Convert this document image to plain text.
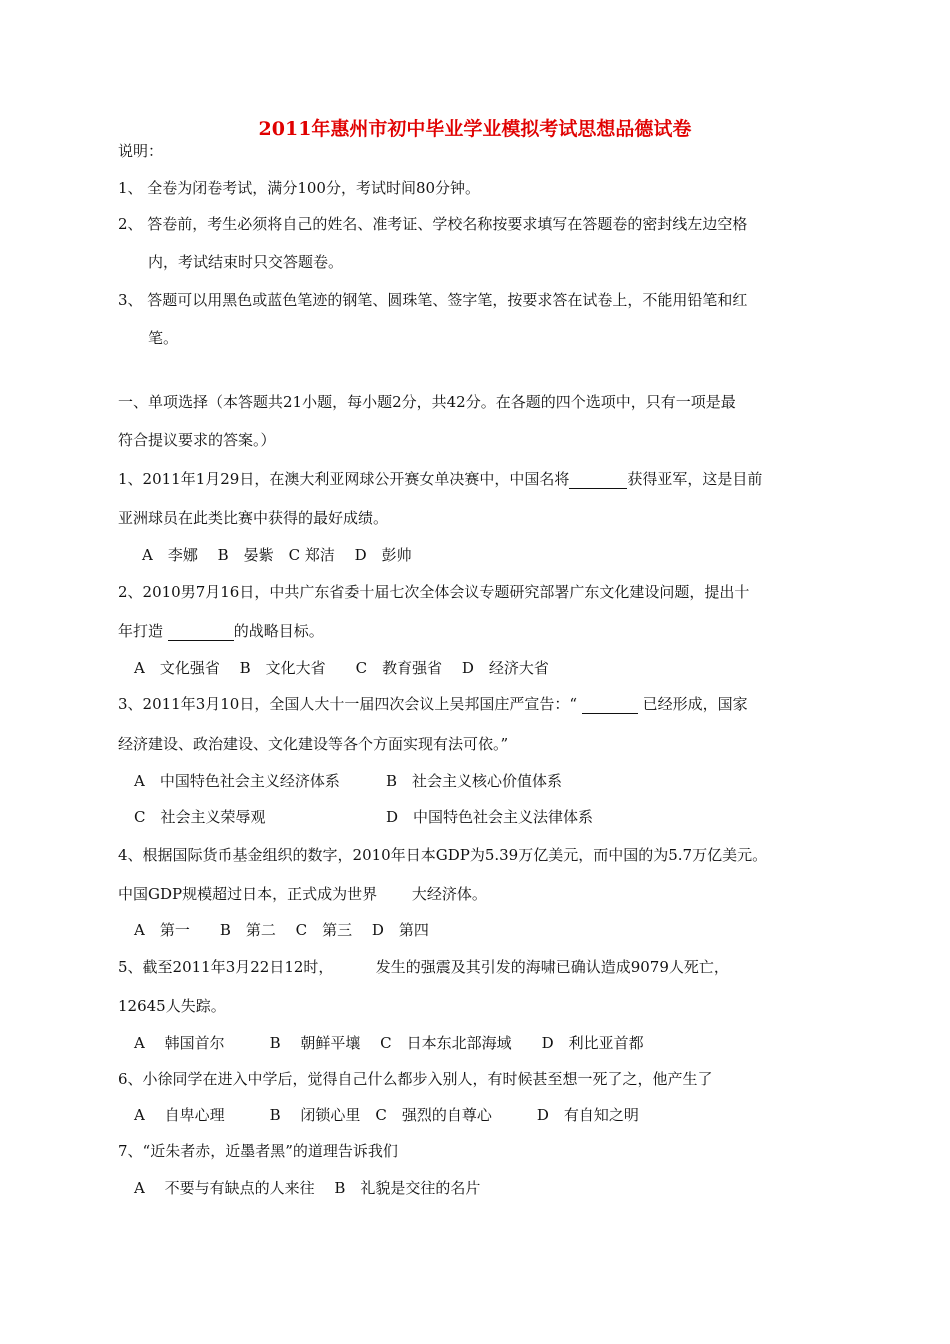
2011年惠州市初中毕业学业模拟考试思想品德试卷
说明：
1、 全卷为闭卷考试，满分100分，考试时间80分钟。
2、 答卷前，考生必须将自己的姓名、准考证、学校名称按要求填写在答题卷的密封线左边空格
内，考试结束时只交答题卷。
3、 答题可以用黑色或蓝色笔迹的钢笔、圆珠笔、签字笔，按要求答在试卷上，不能用铅笔和红
笔。
一、单项选择（本答题共21小题，每小题2分，共42分。在各题的四个选项中，只有一项是最
符合提议要求的答案。）
1、2011年1月29日，在澳大利亚网球公开赛女单决赛中，中国名将	获得亚军，这是目前
亚洲球员在此类比赛中获得的最好成绩。
A　李娜　 B　晏紫　C 郑洁　 D　彭帅
2、2010男7月16日，中共广东省委十届七次全体会议专题研究部署广东文化建设问题，提出十
年打造	的战略目标。
A　文化强省　 B　文化大省　　C　教育强省　 D　经济大省
3、2011年3月10日，全国人大十一届四次会议上吴邦国庄严宣告：“	已经形成，国家
经济建设、政治建设、文化建设等各个方面实现有法可依。”
A　中国特色社会主义经济体系	B　社会主义核心价值体系
C　社会主义荣辱观	D　中国特色社会主义法律体系
4、根据国际货币基金组织的数字，2010年日本GDP为5.39万亿美元，而中国的为5.7万亿美元。
中国GDP规模超过日本，正式成为世界　　 大经济体。
A　第一　　B　第二　 C　第三　 D　第四
5、截至2011年3月22日12时，　　　 发生的强震及其引发的海啸已确认造成9079人死亡，
12645人失踪。
A　 韩国首尔　　　B　 朝鲜平壤　 C　日本东北部海域　　D　利比亚首都
6、小徐同学在进入中学后，觉得自己什么都步入别人，有时候甚至想一死了之，他产生了
A　 自卑心理　　　B　 闭锁心里　C　强烈的自尊心　　　D　有自知之明
7、“近朱者赤，近墨者黑”的道理告诉我们
A　 不要与有缺点的人来往　 B　礼貌是交往的名片
